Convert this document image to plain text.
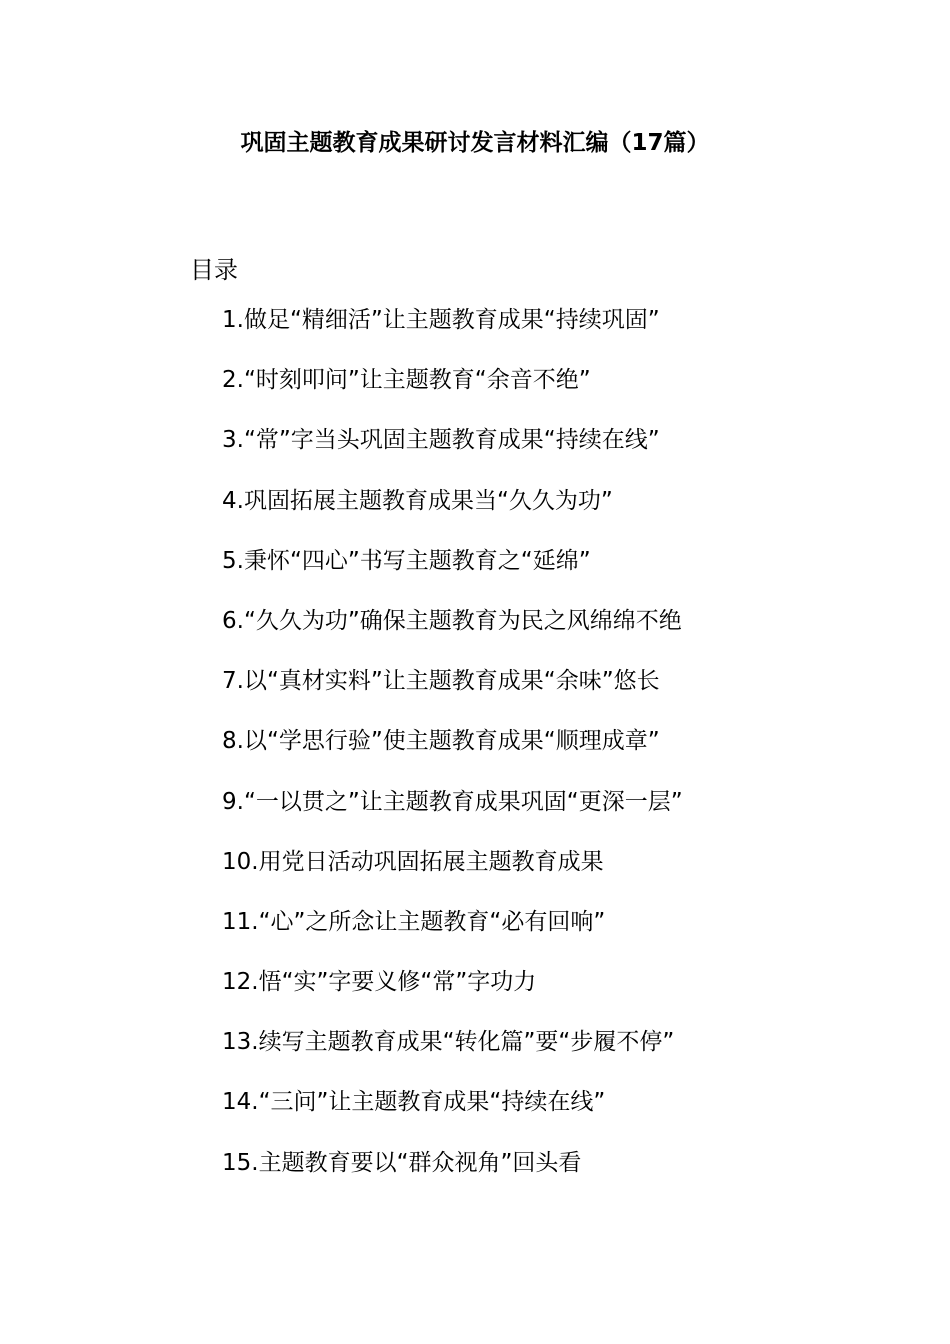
巩固主题教育成果研讨发言材料汇编（17篇）
目录
1.做足“精细活”让主题教育成果“持续巩固”
2.“时刻叩问”让主题教育“余音不绝”
3.“常”字当头巩固主题教育成果“持续在线”
4.巩固拓展主题教育成果当“久久为功”
5.秉怀“四心”书写主题教育之“延绵”
6.“久久为功”确保主题教育为民之风绵绵不绝
7.以“真材实料”让主题教育成果“余味”悠长
8.以“学思行验”使主题教育成果“顺理成章”
9.“一以贯之”让主题教育成果巩固“更深一层”
10.用党日活动巩固拓展主题教育成果
11.“心”之所念让主题教育“必有回响”
12.悟“实”字要义修“常”字功力
13.续写主题教育成果“转化篇”要“步履不停”
14.“三问”让主题教育成果“持续在线”
15.主题教育要以“群众视角”回头看
